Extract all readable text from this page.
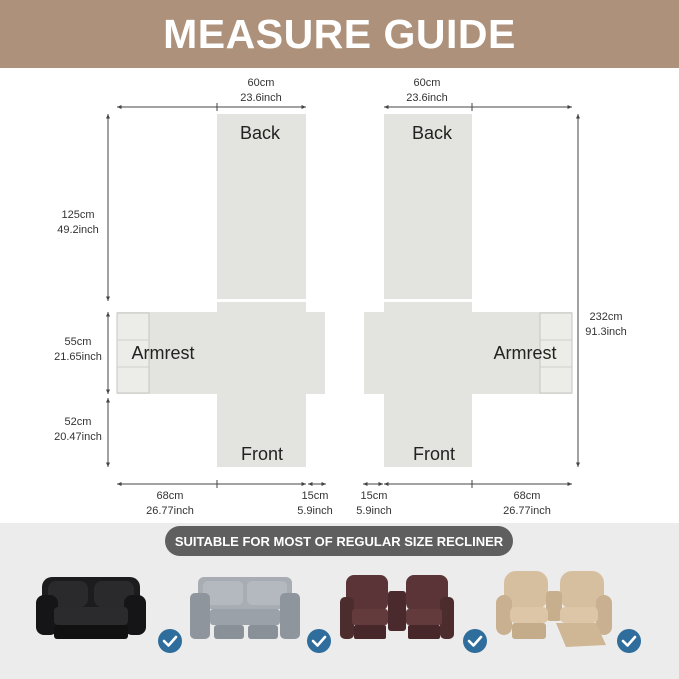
MEASURE GUIDE
Back
Armrest
Front
60cm
23.6inch
125cm
49.2inch
55cm
21.65inch
52cm
20.47inch
68cm
26.77inch
15cm
5.9inch
Back
Armrest
Front
60cm
23.6inch
232cm
91.3inch
15cm
5.9inch
68cm
26.77inch
SUITABLE FOR MOST OF REGULAR SIZE RECLINER
